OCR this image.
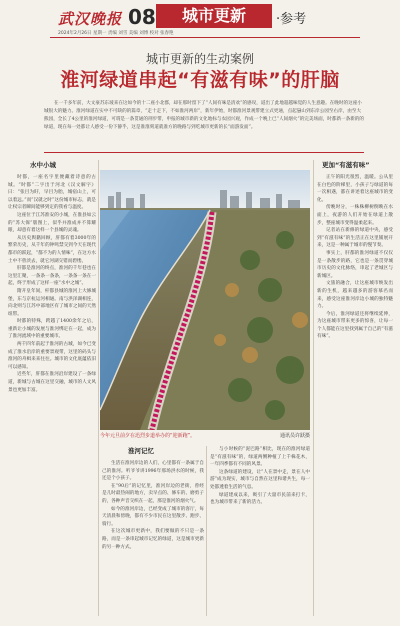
武汉晚报 08	城市更新	·参考
2024年2月26日 星期一 责编 刘雪 美编 刘博 校对 张春艳
城市更新的生动案例
淮河绿道串起“有滋有味”的肝脑
在一千多年前，大文豪苏东坡来在这如今的十二座小北郡，却在那时留下了“人间有味是清欢”的感叹，道出了此地超越味觉的人生意趣。在晚时的这座小城很大的魅力。淮河绿道在实中不可缺的的篇章，“走十走下，不如淮河两岸”，新年伊始，时都淮河景观带建立式更通，点起悬山到东岸公园至右岸，由至大熊园，全长了4公里的淮河绿道，可谓是一条贯通的刑步带，申报的城市新的文化地标与农园兴观，作成一个晚上已“人间烟火”的完美场面，时都新一条新的的绿道，现在每一处都让人感受一份下静乎，这是准淮刻道就准方的晚路与到吃城市更新的长“面游发面”。
水中小城

时都，一座名字里便藏着诗意的古城。“时都”二字出于河北《汉文解字》曰：“张目为盱，早目为胎，城宿山上，可以着远。”而“汉就之时”这份城市标志，就是让权宗者瞬间能够到定的我看与温度。

这座位于江苏淮安的小城，在淮县如云的“苏大保”版图上，似乎并淮成并不算耀眼，却意有着这样一个县城的灵魂。

从历史舆籍回顾，肝都有着3000年的繁荣历史，从千年的钟鸣禁交到今天在现代都市的跃起，“都不为的人情味”，在这方水土中不曾淡去，就它河湖交错而碧缕。

肝都是淮河的终点，淮河的千年巷也在这里汇聚，一条条一条条，一条条一条在一起，终于形成了这样一座“水中之城”。

隋开皇年间，杆都县城的淮河上大修城堡，东与京杭运河相通。南与洪泽湖相连，向北则与江苏中部地区有了城市之间的天然纽带。

时都的特殊，跨越了1400余年之后，重新让小城的发展与淮河绑定在一起，成为了淮河流域中的重要城市。

两千四年前起于淮河的古城，如今已变成了淮水沿岸的重要景观带，这里的码头与淮河的舟楫来来往往。城市的文化底蕴依旧可以感知。

近些年，肝都在淮河沿岸建设了一条绿道，新城与古城在这里交融，城市的人文风景也更加丰富。

今年元旦前夕在迅烈步道举办的“迎新跑”。	通讯员许跃摄
淮河记忆

生活在淮河岸边的人们，心里都有一条属于自己的淮河。听爷爷讲1996年那场洪水的时候，我还是个小孩子。

在“90后”的记忆里，淮河岸边的老街，曾经是儿时最热闹的地方，卖早点的、修车的、磨剪子的，各种声音交织在一起，那是淮河的烟火气。

如今的淮河岸边，已经变成了城市的客厅，每天清晨和傍晚，都有不少市民在这里散步、跑步、骑行。

在这次城市更新中，我们要做的不只是一条路，而是一条串起城市记忆的绿道，这是城市更新的另一种方式。

与小时候的“泥巴路”相比，现在的淮河绿道是“有滋有味”的，绿道两侧种植了上千株花木，一年四季都有不同的风景。

这条绿道的建设，让“人在景中走，景在人中游”成为现实，城市与自然在这里和谐共生，每一处都透着生活的气息。

绿道建成以来，吸引了大量市民前来打卡，也为城市带来了新的活力。

更加“有滋有味”

正午的阳光很烈，温暖。公从里在白色的阶梯里，小孩子与绿道的每一次相遇，都在讲述着这座城市的变化。

傍晚时分，一株株柳树倒映在水面上，夜游的人们开始在绿道上散步，整座城市变得温柔起来。

记者站在新修的绿道中央，感受到“有滋有味”的生活正在这里铺展开来，这是一种属于城市的慢节奏。

事实上，肝都的淮河绿道不仅仅是一条散步的路，它也是一条贯穿城市历史的文化脉络，串起了老城区与新城区。

文旅的融合，让这座城市焕发出新的生机，越来越多的游客慕名而来，感受这座淮河岸边小城的独特魅力。

今后，淮河绿道还将继续延伸，为这座城市带来更多的惊喜，让每一个人都能在这里找到属于自己的“有滋有味”。
